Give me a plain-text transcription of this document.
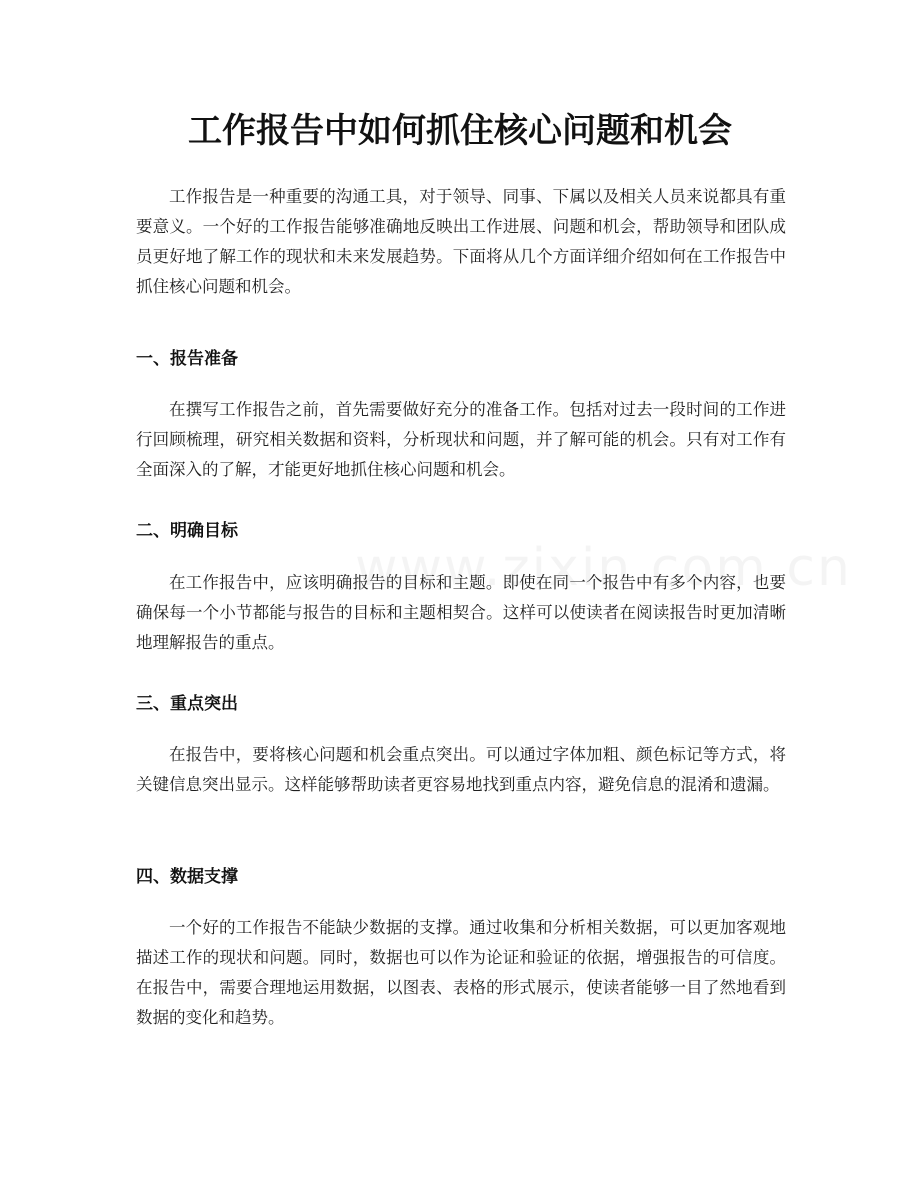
工作报告中如何抓住核心问题和机会

工作报告是一种重要的沟通工具，对于领导、同事、下属以及相关人员来说都具有重要意义。一个好的工作报告能够准确地反映出工作进展、问题和机会，帮助领导和团队成员更好地了解工作的现状和未来发展趋势。下面将从几个方面详细介绍如何在工作报告中抓住核心问题和机会。

一、报告准备

在撰写工作报告之前，首先需要做好充分的准备工作。包括对过去一段时间的工作进行回顾梳理，研究相关数据和资料，分析现状和问题，并了解可能的机会。只有对工作有全面深入的了解，才能更好地抓住核心问题和机会。

二、明确目标

在工作报告中，应该明确报告的目标和主题。即使在同一个报告中有多个内容，也要确保每一个小节都能与报告的目标和主题相契合。这样可以使读者在阅读报告时更加清晰地理解报告的重点。

三、重点突出

在报告中，要将核心问题和机会重点突出。可以通过字体加粗、颜色标记等方式，将关键信息突出显示。这样能够帮助读者更容易地找到重点内容，避免信息的混淆和遗漏。

四、数据支撑

一个好的工作报告不能缺少数据的支撑。通过收集和分析相关数据，可以更加客观地描述工作的现状和问题。同时，数据也可以作为论证和验证的依据，增强报告的可信度。在报告中，需要合理地运用数据，以图表、表格的形式展示，使读者能够一目了然地看到数据的变化和趋势。
